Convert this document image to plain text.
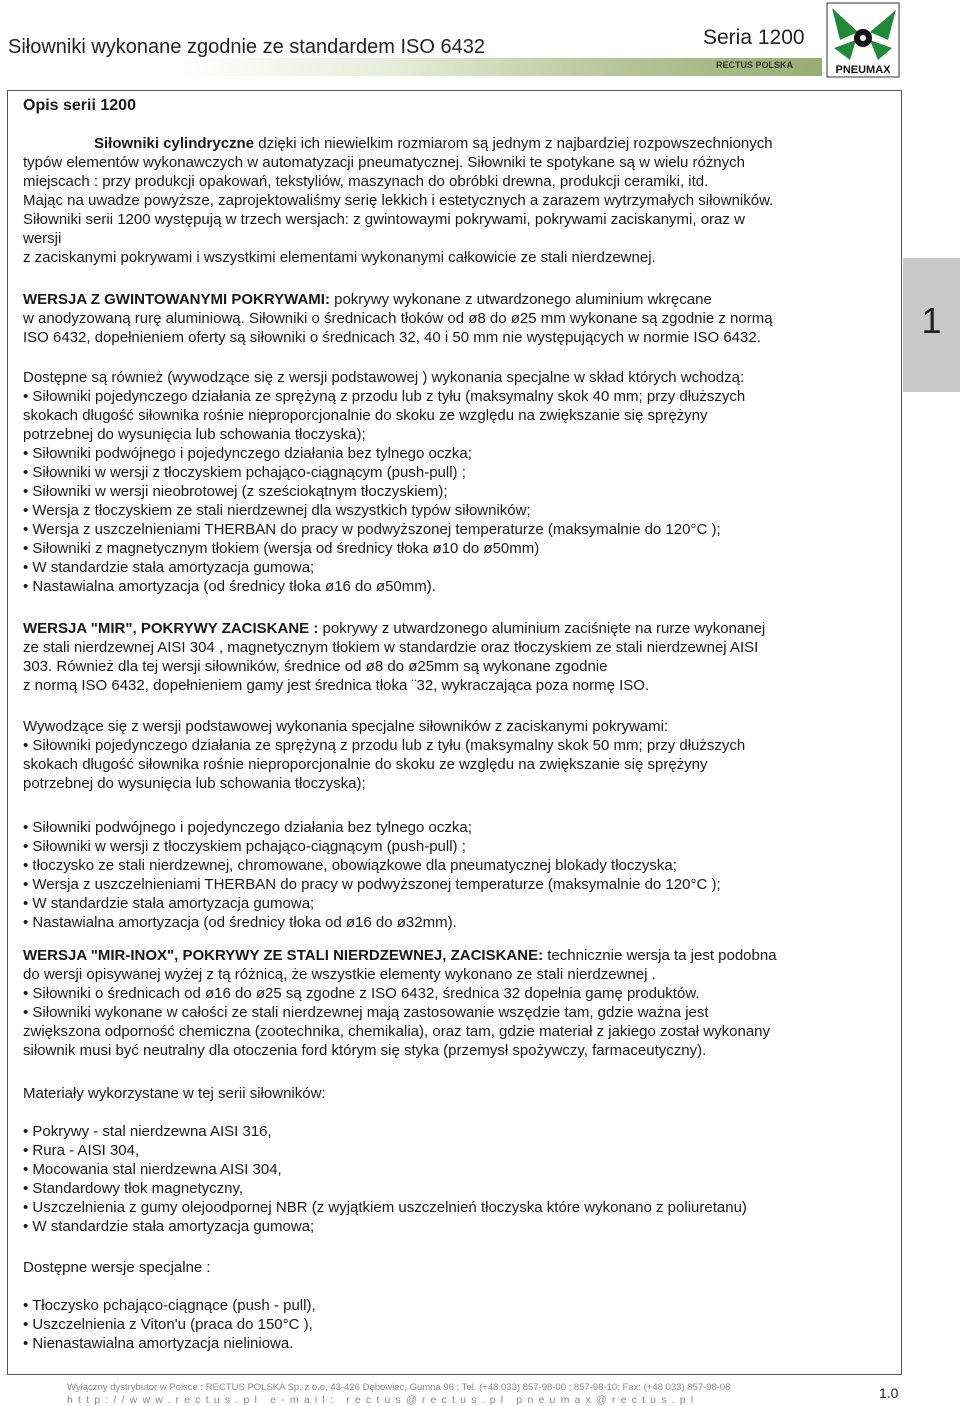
Siłowniki wykonane zgodnie ze standardem ISO 6432	Seria 1200
RECTUS POLSKA	PNEUMAX
1
Opis serii 1200
Siłowniki cylindryczne dzięki ich niewielkim rozmiarom są jednym z najbardziej rozpowszechnionych
typów elementów wykonawczych w automatyzacji pneumatycznej. Siłowniki te spotykane są w wielu różnych
miejscach : przy produkcji opakowań, tekstyliów, maszynach do obróbki drewna, produkcji ceramiki, itd.
Mając na uwadze powyższe, zaprojektowaliśmy serię lekkich i estetycznych a zarazem wytrzymałych siłowników.
Siłowniki serii 1200 występują w trzech wersjach: z gwintowaymi pokrywami, pokrywami zaciskanymi, oraz w
wersji
z zaciskanymi pokrywami i wszystkimi elementami wykonanymi całkowicie ze stali nierdzewnej.
WERSJA Z GWINTOWANYMI POKRYWAMI: pokrywy wykonane z utwardzonego aluminium wkręcane
w anodyzowaną rurę aluminiową. Siłowniki o średnicach tłoków od ø8 do ø25 mm wykonane są zgodnie z normą
ISO 6432, dopełnieniem oferty są siłowniki o średnicach 32, 40 i 50 mm nie występujących w normie ISO 6432.
Dostępne są również (wywodzące się z wersji podstawowej ) wykonania specjalne w skład których wchodzą:
• Siłowniki pojedynczego działania ze sprężyną z przodu lub z tyłu (maksymalny skok 40 mm; przy dłuższych
skokach długość siłownika rośnie nieproporcjonalnie do skoku ze względu na zwiększanie się sprężyny
potrzebnej do wysunięcia lub schowania tłoczyska);
• Siłowniki podwójnego i pojedynczego działania bez tylnego oczka;
• Siłowniki w wersji z tłoczyskiem pchająco-ciągnącym (push-pull) ;
• Siłowniki w wersji nieobrotowej (z sześciokątnym tłoczyskiem);
• Wersja z tłoczyskiem ze stali nierdzewnej dla wszystkich typów siłowników;
• Wersja z uszczelnieniami THERBAN do pracy w podwyższonej temperaturze (maksymalnie do 120°C );
• Siłowniki z magnetycznym tłokiem (wersja od średnicy tłoka ø10 do ø50mm)
• W standardzie stała amortyzacja gumowa;
• Nastawialna amortyzacja (od średnicy tłoka ø16 do ø50mm).
WERSJA "MIR", POKRYWY ZACISKANE : pokrywy z utwardzonego aluminium zaciśnięte na rurze wykonanej
ze stali nierdzewnej AISI 304 , magnetycznym tłokiem w standardzie oraz tłoczyskiem ze stali nierdzewnej AISI
303. Również dla tej wersji siłowników, średnice od ø8 do ø25mm są wykonane zgodnie
z normą ISO 6432, dopełnieniem gamy jest średnica tłoka ¨32, wykraczająca poza normę ISO.
Wywodzące się z wersji podstawowej wykonania specjalne siłowników z zaciskanymi pokrywami:
• Siłowniki pojedynczego działania ze sprężyną z przodu lub z tyłu (maksymalny skok 50 mm; przy dłuższych
skokach długość siłownika rośnie nieproporcjonalnie do skoku ze względu na zwiększanie się sprężyny
potrzebnej do wysunięcia lub schowania tłoczyska);
• Siłowniki podwójnego i pojedynczego działania bez tylnego oczka;
• Siłowniki w wersji z tłoczyskiem pchająco-ciągnącym (push-pull) ;
• tłoczysko ze stali nierdzewnej, chromowane, obowiązkowe dla pneumatycznej blokady tłoczyska;
• Wersja z uszczelnieniami THERBAN do pracy w podwyższonej temperaturze (maksymalnie do 120°C );
• W standardzie stała amortyzacja gumowa;
• Nastawialna amortyzacja (od średnicy tłoka od ø16 do ø32mm).
WERSJA "MIR-INOX", POKRYWY ZE STALI NIERDZEWNEJ, ZACISKANE: technicznie wersja ta jest podobna
do wersji opisywanej wyżej z tą różnicą, że wszystkie elementy wykonano ze stali nierdzewnej .
• Siłowniki o średnicach od ø16 do ø25 są zgodne z ISO 6432, średnica 32 dopełnia gamę produktów.
• Siłowniki wykonane w całości ze stali nierdzewnej mają zastosowanie wszędzie tam, gdzie ważna jest
zwiększona odporność chemiczna (zootechnika, chemikalia), oraz tam, gdzie materiał z jakiego został wykonany
siłownik musi być neutralny dla otoczenia ford którym się styka (przemysł spożywczy, farmaceutyczny).
Materiały wykorzystane w tej serii siłowników:
• Pokrywy - stal nierdzewna AISI 316,
• Rura - AISI 304,
• Mocowania stal nierdzewna AISI 304,
• Standardowy tłok magnetyczny,
• Uszczelnienia z gumy olejoodpornej NBR (z wyjątkiem uszczelnień tłoczyska które wykonano z poliuretanu)
• W standardzie stała amortyzacja gumowa;
Dostępne wersje specjalne :
• Tłoczysko pchająco-ciągnące (push - pull),
• Uszczelnienia z Viton'u (praca do 150°C ),
• Nienastawialna amortyzacja nieliniowa.
Wyłączny dystrybutor w Polsce : RECTUS POLSKA Sp. z o.o. 43-426 Dębowiec, Gumna 96 ; Tel. (+48 033) 857-98-00 ; 857-98-10; Fax: (+48 033) 857-98-08
http://www.rectus.pl e-mail: rectus@rectus.pl pneumax@rectus.pl	1.0
